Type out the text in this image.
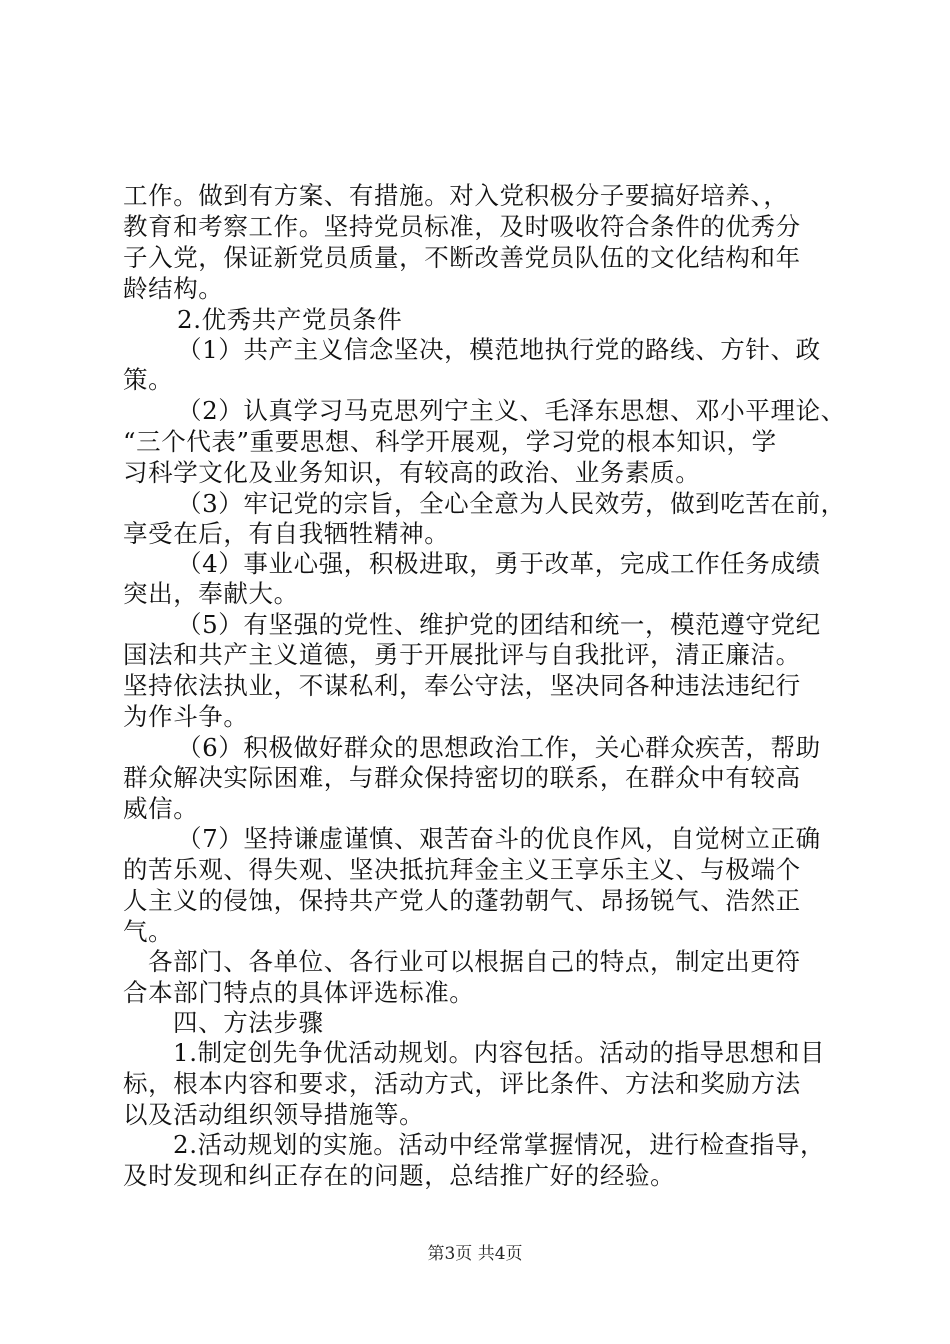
工作。做到有方案、有措施。对入党积极分子要搞好培养、，
教育和考察工作。坚持党员标准，及时吸收符合条件的优秀分
子入党，保证新党员质量，不断改善党员队伍的文化结构和年
龄结构。
2.优秀共产党员条件
（1）共产主义信念坚决，模范地执行党的路线、方针、政
策。
（2）认真学习马克思列宁主义、毛泽东思想、邓小平理论、
“三个代表”重要思想、科学开展观，学习党的根本知识，学
习科学文化及业务知识，有较高的政治、业务素质。
（3）牢记党的宗旨，全心全意为人民效劳，做到吃苦在前，
享受在后，有自我牺牲精神。
（4）事业心强，积极进取，勇于改革，完成工作任务成绩
突出，奉献大。
（5）有坚强的党性、维护党的团结和统一，模范遵守党纪
国法和共产主义道德，勇于开展批评与自我批评，清正廉洁。
坚持依法执业，不谋私利，奉公守法，坚决同各种违法违纪行
为作斗争。
（6）积极做好群众的思想政治工作，关心群众疾苦，帮助
群众解决实际困难，与群众保持密切的联系，在群众中有较高
威信。
（7）坚持谦虚谨慎、艰苦奋斗的优良作风，自觉树立正确
的苦乐观、得失观、坚决抵抗拜金主义王享乐主义、与极端个
人主义的侵蚀，保持共产党人的蓬勃朝气、昂扬锐气、浩然正
气。
各部门、各单位、各行业可以根据自己的特点，制定出更符
合本部门特点的具体评选标准。
四、方法步骤
1.制定创先争优活动规划。内容包括。活动的指导思想和目
标，根本内容和要求，活动方式，评比条件、方法和奖励方法
以及活动组织领导措施等。
2.活动规划的实施。活动中经常掌握情况，进行检查指导，
及时发现和纠正存在的问题，总结推广好的经验。
第3页 共4页
